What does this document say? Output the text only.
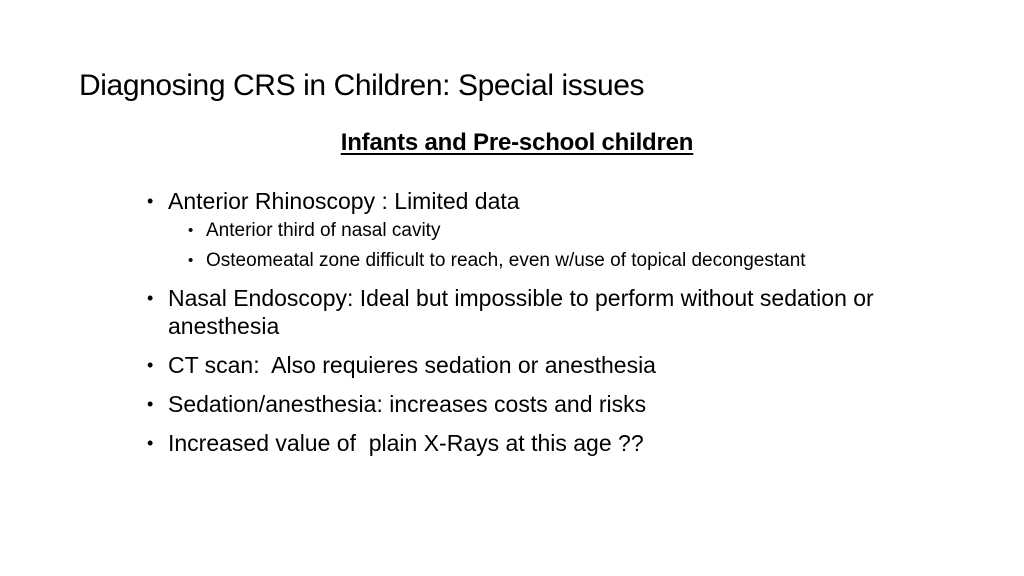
Diagnosing CRS in Children: Special issues
Infants and Pre-school children
• Anterior Rhinoscopy : Limited data
• Anterior third of nasal cavity
• Osteomeatal zone difficult to reach, even w/use of topical decongestant
• Nasal Endoscopy: Ideal but impossible to perform without sedation or anesthesia
• CT scan:  Also requieres sedation or anesthesia
• Sedation/anesthesia: increases costs and risks
• Increased value of  plain X-Rays at this age ??
